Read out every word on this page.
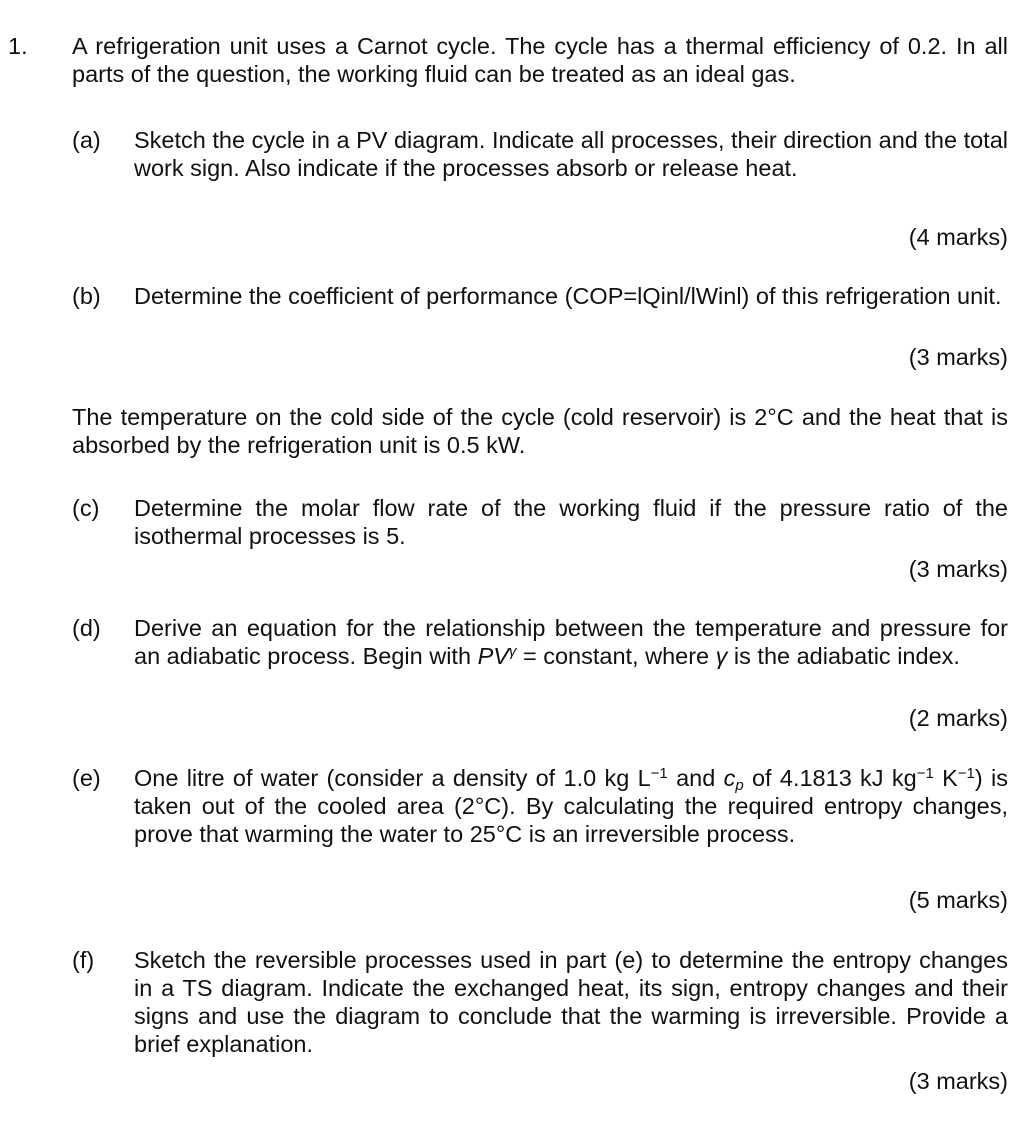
1. A refrigeration unit uses a Carnot cycle. The cycle has a thermal efficiency of 0.2. In all parts of the question, the working fluid can be treated as an ideal gas.
(a) Sketch the cycle in a PV diagram. Indicate all processes, their direction and the total work sign. Also indicate if the processes absorb or release heat.
(4 marks)
(b) Determine the coefficient of performance (COP=lQinl/lWinl) of this refrigeration unit.
(3 marks)
The temperature on the cold side of the cycle (cold reservoir) is 2°C and the heat that is absorbed by the refrigeration unit is 0.5 kW.
(c) Determine the molar flow rate of the working fluid if the pressure ratio of the isothermal processes is 5.
(3 marks)
(d) Derive an equation for the relationship between the temperature and pressure for an adiabatic process. Begin with $PV^\gamma$ = constant, where γ is the adiabatic index.
(2 marks)
(e) One litre of water (consider a density of 1.0 kg $L^{-1}$ and $c_p$ of 4.1813 kJ $kg^{-1}$ $K^{-1}$) is taken out of the cooled area (2°C). By calculating the required entropy changes, prove that warming the water to 25°C is an irreversible process.
(5 marks)
(f) Sketch the reversible processes used in part (e) to determine the entropy changes in a TS diagram. Indicate the exchanged heat, its sign, entropy changes and their signs and use the diagram to conclude that the warming is irreversible. Provide a brief explanation.
(3 marks)
